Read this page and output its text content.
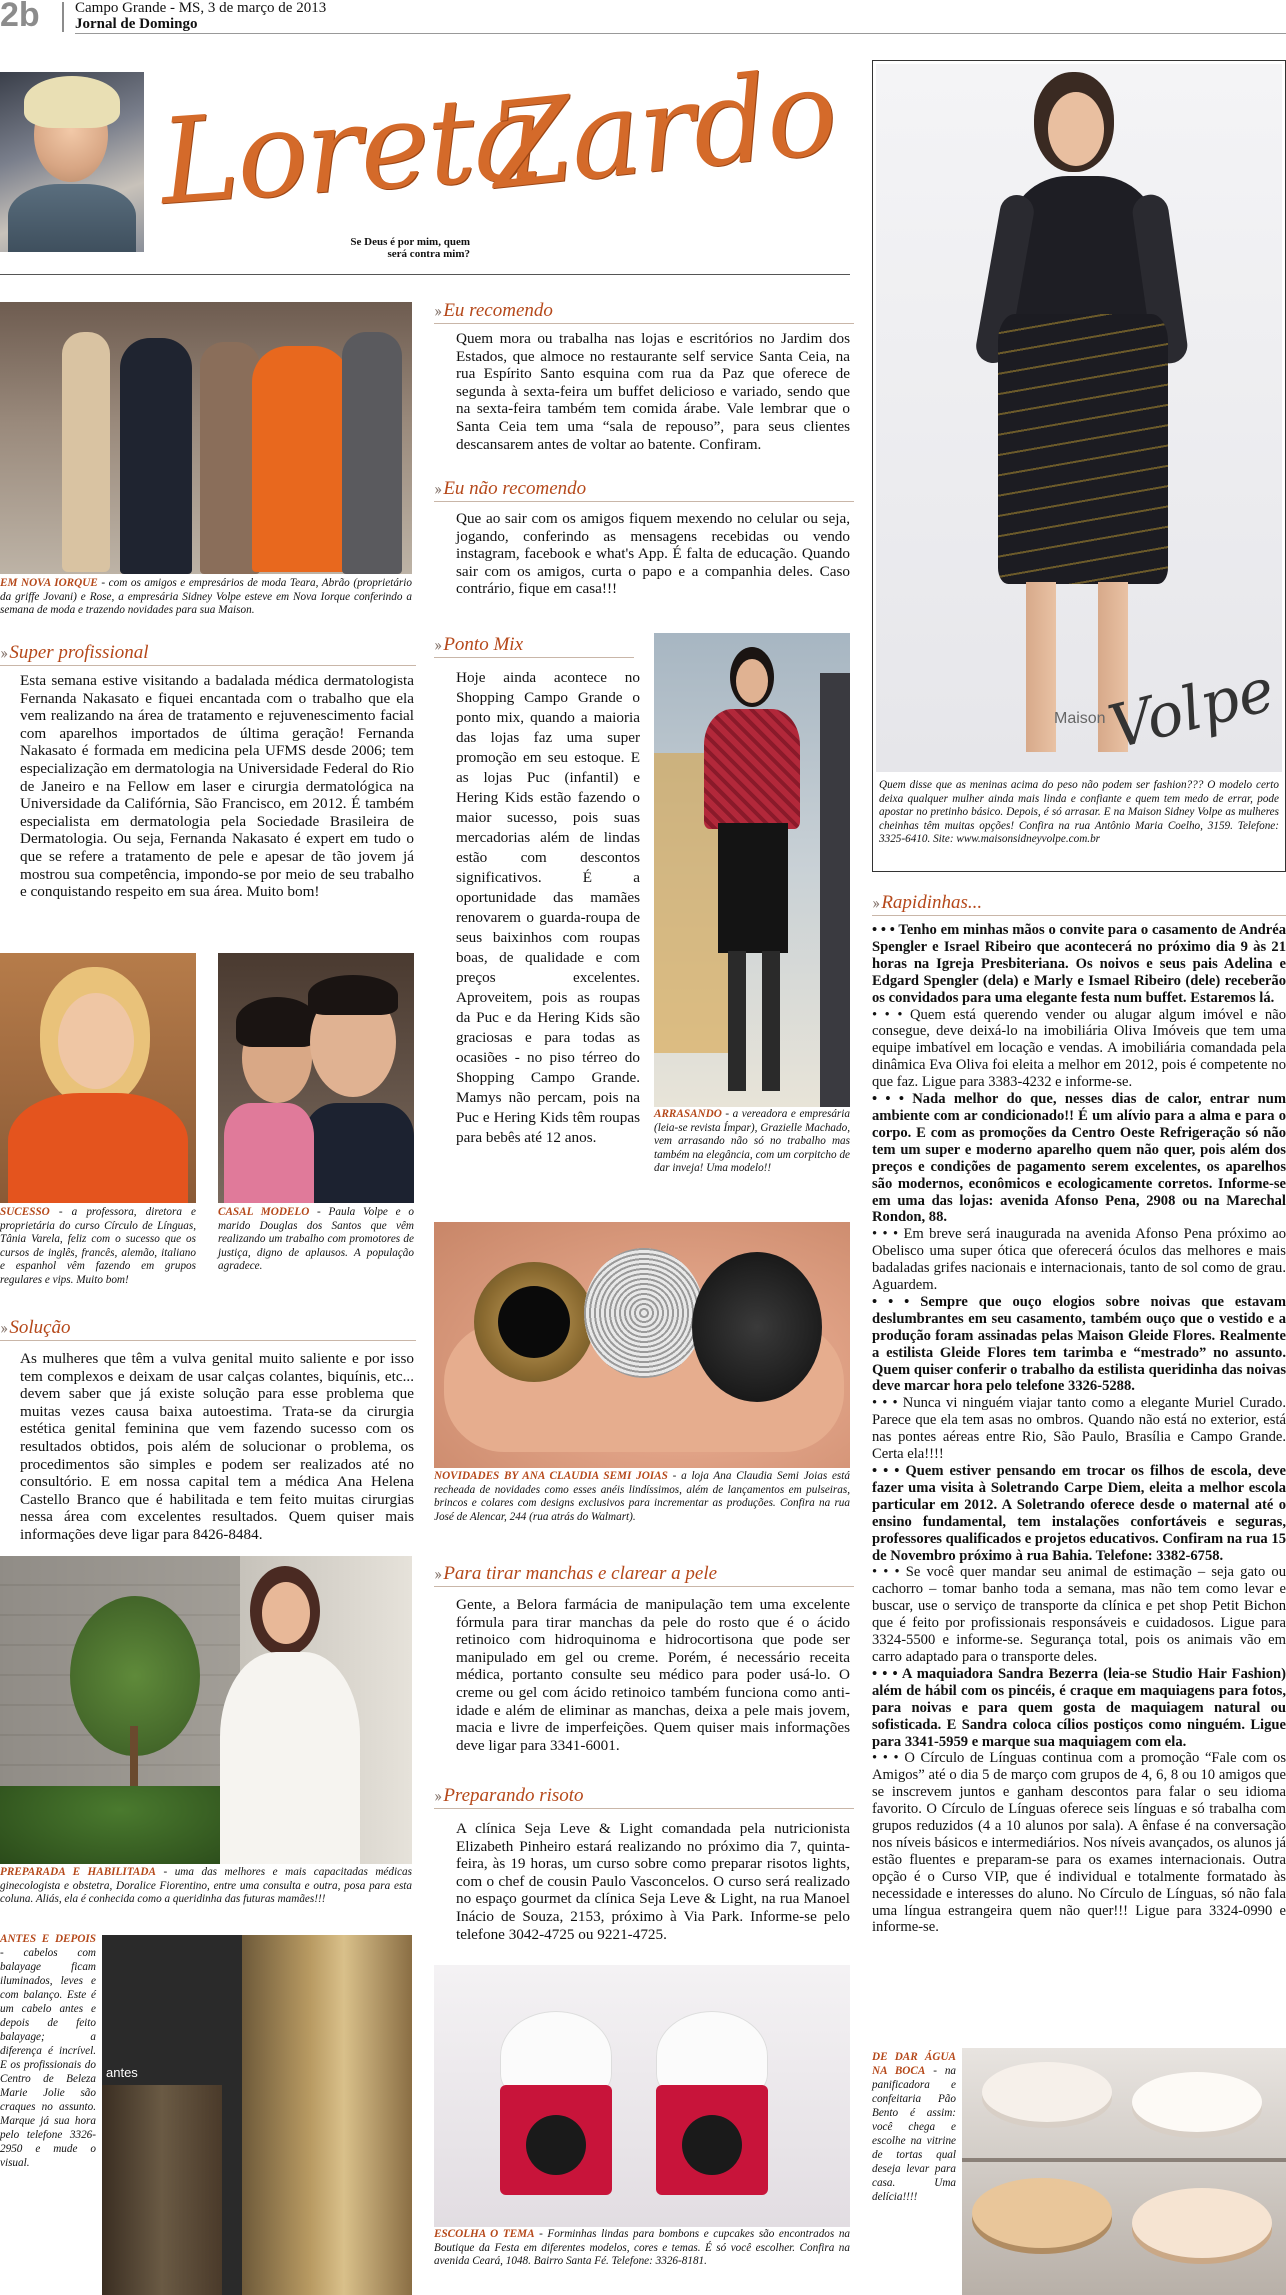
2b Campo Grande - MS, 3 de março de 2013
Jornal de Domingo
Loreta
Zardo
Se Deus é por mim, quem
será contra mim?
Maison
Volpe
Quem disse que as meninas acima do peso não podem ser fashion??? O modelo certo deixa qualquer mulher ainda mais linda e confiante e quem tem medo de errar, pode apostar no pretinho básico. Depois, é só arrasar. E na Maison Sidney Volpe as mulheres cheinhas têm muitas opções! Confira na rua Antônio Maria Coelho, 3159. Telefone: 3325-6410. Site: www.maisonsidneyvolpe.com.br
EM NOVA IORQUE - com os amigos e empresários de moda Teara, Abrão (proprietário da griffe Jovani) e Rose, a empresária Sidney Volpe esteve em Nova Iorque conferindo a semana de moda e trazendo novidades para sua Maison.
›› Eu recomendo
Quem mora ou trabalha nas lojas e escritórios no Jardim dos Estados, que almoce no restaurante self service Santa Ceia, na rua Espírito Santo esquina com rua da Paz que oferece de segunda à sexta-feira um buffet delicioso e variado, sendo que na sexta-feira também tem comida árabe. Vale lembrar que o Santa Ceia tem uma “sala de repouso”, para seus clientes descansarem antes de voltar ao batente. Confiram.
›› Eu não recomendo
Que ao sair com os amigos fiquem mexendo no celular ou seja, jogando, conferindo as mensagens recebidas ou vendo instagram, facebook e what's App. É falta de educação. Quando sair com os amigos, curta o papo e a companhia deles. Caso contrário, fique em casa!!!
›› Super profissional
Esta semana estive visitando a badalada médica dermatologista Fernanda Nakasato e fiquei encantada com o trabalho que ela vem realizando na área de tratamento e rejuvenescimento facial com aparelhos importados de última geração! Fernanda Nakasato é formada em medicina pela UFMS desde 2006; tem especialização em dermatologia na Universidade Federal do Rio de Janeiro e na Fellow em laser e cirurgia dermatológica na Universidade da Califórnia, São Francisco, em 2012. É também especialista em dermatologia pela Sociedade Brasileira de Dermatologia. Ou seja, Fernanda Nakasato é expert em tudo o que se refere a tratamento de pele e apesar de tão jovem já mostrou sua competência, impondo-se por meio de seu trabalho e conquistando respeito em sua área. Muito bom!
SUCESSO - a professora, diretora e proprietária do curso Círculo de Línguas, Tânia Varela, feliz com o sucesso que os cursos de inglês, francês, alemão, italiano e espanhol vêm fazendo em grupos regulares e vips. Muito bom!
CASAL MODELO - Paula Volpe e o marido Douglas dos Santos que vêm realizando um trabalho com promotores de justiça, digno de aplausos. A população agradece.
›› Solução
As mulheres que têm a vulva genital muito saliente e por isso tem complexos e deixam de usar calças colantes, biquínis, etc... devem saber que já existe solução para esse problema que muitas vezes causa baixa autoestima. Trata-se da cirurgia estética genital feminina que vem fazendo sucesso com os resultados obtidos, pois além de solucionar o problema, os procedimentos são simples e podem ser realizados até no consultório. E em nossa capital tem a médica Ana Helena Castello Branco que é habilitada e tem feito muitas cirurgias nessa área com excelentes resultados. Quem quiser mais informações deve ligar para 8426-8484.
PREPARADA E HABILITADA - uma das melhores e mais capacitadas médicas ginecologista e obstetra, Doralice Fiorentino, entre uma consulta e outra, posa para esta coluna. Aliás, ela é conhecida como a queridinha das futuras mamães!!!
ANTES E DEPOIS - cabelos com balayage ficam iluminados, leves e com balanço. Este é um cabelo antes e depois de feito balayage; a diferença é incrível. E os profissionais do Centro de Beleza Marie Jolie são craques no assunto. Marque já sua hora pelo telefone 3326-2950 e mude o visual.
antes
›› Ponto Mix
Hoje ainda acontece no Shopping Campo Grande o ponto mix, quando a maioria das lojas faz uma super promoção em seu estoque. E as lojas Puc (infantil) e Hering Kids estão fazendo o maior sucesso, pois suas mercadorias além de lindas estão com descontos significativos. É a oportunidade das mamães renovarem o guarda-roupa de seus baixinhos com roupas boas, de qualidade e com preços excelentes. Aproveitem, pois as roupas da Puc e da Hering Kids são graciosas e para todas as ocasiões - no piso térreo do Shopping Campo Grande. Mamys não percam, pois na Puc e Hering Kids têm roupas para bebês até 12 anos.
ARRASANDO - a vereadora e empresária (leia-se revista Ímpar), Grazielle Machado, vem arrasando não só no trabalho mas também na elegância, com um corpitcho de dar inveja! Uma modelo!!
NOVIDADES BY ANA CLAUDIA SEMI JOIAS - a loja Ana Claudia Semi Joias está recheada de novidades como esses anéis lindíssimos, além de lançamentos em pulseiras, brincos e colares com designs exclusivos para incrementar as produções. Confira na rua José de Alencar, 244 (rua atrás do Walmart).
›› Para tirar manchas e clarear a pele
Gente, a Belora farmácia de manipulação tem uma excelente fórmula para tirar manchas da pele do rosto que é o ácido retinoico com hidroquinoma e hidrocortisona que pode ser manipulado em gel ou creme. Porém, é necessário receita médica, portanto consulte seu médico para poder usá-lo. O creme ou gel com ácido retinoico também funciona como anti-idade e além de eliminar as manchas, deixa a pele mais jovem, macia e livre de imperfeições. Quem quiser mais informações deve ligar para 3341-6001.
›› Preparando risoto
A clínica Seja Leve & Light comandada pela nutricionista Elizabeth Pinheiro estará realizando no próximo dia 7, quinta-feira, às 19 horas, um curso sobre como preparar risotos lights, com o chef de cousin Paulo Vasconcelos. O curso será realizado no espaço gourmet da clínica Seja Leve & Light, na rua Manoel Inácio de Souza, 2153, próximo à Via Park. Informe-se pelo telefone 3042-4725 ou 9221-4725.
ESCOLHA O TEMA - Forminhas lindas para bombons e cupcakes são encontrados na Boutique da Festa em diferentes modelos, cores e temas. É só você escolher. Confira na avenida Ceará, 1048. Bairro Santa Fé. Telefone: 3326-8181.
›› Rapidinhas...

• • • Tenho em minhas mãos o convite para o casamento de Andréa Spengler e Israel Ribeiro que acontecerá no próximo dia 9 às 21 horas na Igreja Presbiteriana. Os noivos e seus pais Adelina e Edgard Spengler (dela) e Marly e Ismael Ribeiro (dele) receberão os convidados para uma elegante festa num buffet. Estaremos lá.

• • • Quem está querendo vender ou alugar algum imóvel e não consegue, deve deixá-lo na imobiliária Oliva Imóveis que tem uma equipe imbatível em locação e vendas. A imobiliária comandada pela dinâmica Eva Oliva foi eleita a melhor em 2012, pois é competente no que faz. Ligue para 3383-4232 e informe-se.

• • • Nada melhor do que, nesses dias de calor, entrar num ambiente com ar condicionado!! É um alívio para a alma e para o corpo. E com as promoções da Centro Oeste Refrigeração só não tem um super e moderno aparelho quem não quer, pois além dos preços e condições de pagamento serem excelentes, os aparelhos são modernos, econômicos e ecologicamente corretos. Informe-se em uma das lojas: avenida Afonso Pena, 2908 ou na Marechal Rondon, 88.

• • • Em breve será inaugurada na avenida Afonso Pena próximo ao Obelisco uma super ótica que oferecerá óculos das melhores e mais badaladas grifes nacionais e internacionais, tanto de sol como de grau. Aguardem.

• • • Sempre que ouço elogios sobre noivas que estavam deslumbrantes em seu casamento, também ouço que o vestido e a produção foram assinadas pelas Maison Gleide Flores. Realmente a estilista Gleide Flores tem tarimba e “mestrado” no assunto. Quem quiser conferir o trabalho da estilista queridinha das noivas deve marcar hora pelo telefone 3326-5288.

• • • Nunca vi ninguém viajar tanto como a elegante Muriel Curado. Parece que ela tem asas no ombros. Quando não está no exterior, está nas pontes aéreas entre Rio, São Paulo, Brasília e Campo Grande. Certa ela!!!!

• • • Quem estiver pensando em trocar os filhos de escola, deve fazer uma visita à Soletrando Carpe Diem, eleita a melhor escola particular em 2012. A Soletrando oferece desde o maternal até o ensino fundamental, tem instalações confortáveis e seguras, professores qualificados e projetos educativos. Confiram na rua 15 de Novembro próximo à rua Bahia. Telefone: 3382-6758.

• • • Se você quer mandar seu animal de estimação – seja gato ou cachorro – tomar banho toda a semana, mas não tem como levar e buscar, use o serviço de transporte da clínica e pet shop Petit Bichon que é feito por profissionais responsáveis e cuidadosos. Ligue para 3324-5500 e informe-se. Segurança total, pois os animais vão em carro adaptado para o transporte deles.

• • • A maquiadora Sandra Bezerra (leia-se Studio Hair Fashion) além de hábil com os pincéis, é craque em maquiagens para fotos, para noivas e para quem gosta de maquiagem natural ou sofisticada. E Sandra coloca cílios postiços como ninguém. Ligue para 3341-5959 e marque sua maquiagem com ela.

• • • O Círculo de Línguas continua com a promoção “Fale com os Amigos” até o dia 5 de março com grupos de 4, 6, 8 ou 10 amigos que se inscrevem juntos e ganham descontos para falar o seu idioma favorito. O Círculo de Línguas oferece seis línguas e só trabalha com grupos reduzidos (4 a 10 alunos por sala). A ênfase é na conversação nos níveis básicos e intermediários. Nos níveis avançados, os alunos já estão fluentes e preparam-se para os exames internacionais. Outra opção é o Curso VIP, que é individual e totalmente formatado às necessidade e interesses do aluno. No Círculo de Línguas, só não fala uma língua estrangeira quem não quer!!! Ligue para 3324-0990 e informe-se.

DE DAR ÁGUA NA BOCA - na panificadora e confeitaria Pão Bento é assim: você chega e escolhe na vitrine de tortas qual deseja levar para casa. Uma delícia!!!!
